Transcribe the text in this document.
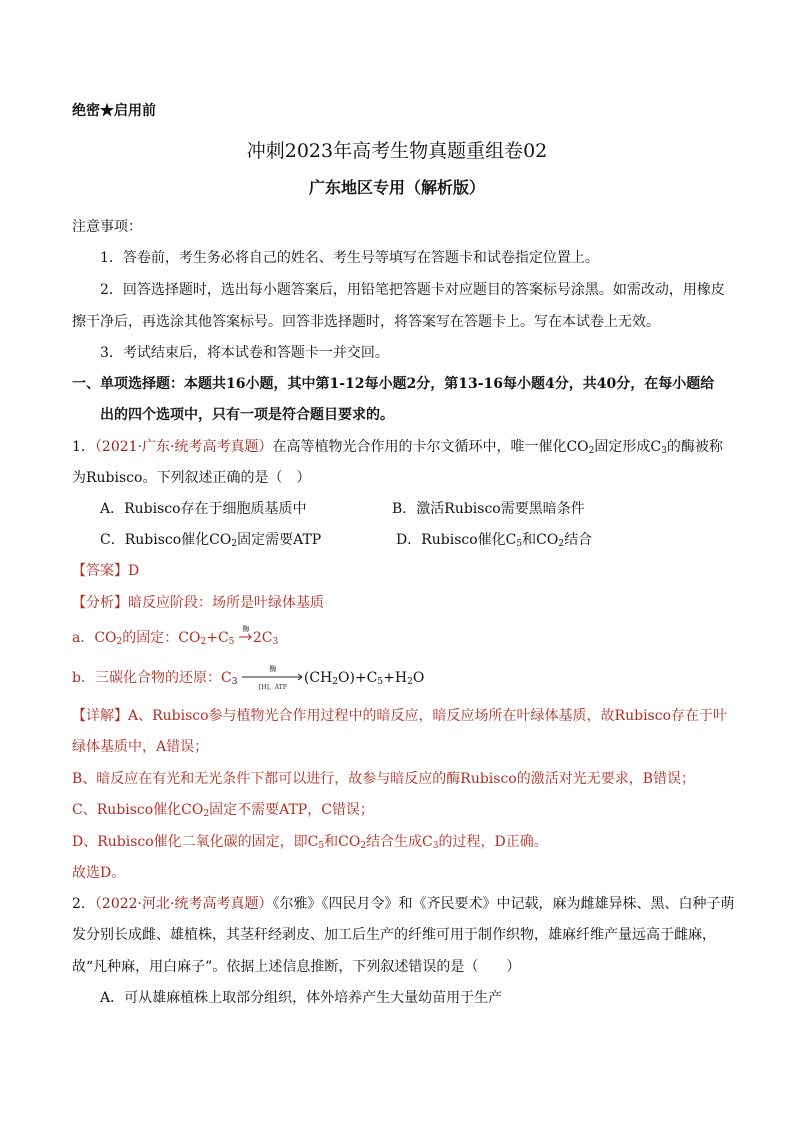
绝密★启用前
冲刺2023年高考生物真题重组卷02
广东地区专用（解析版）
注意事项：
1．答卷前，考生务必将自己的姓名、考生号等填写在答题卡和试卷指定位置上。
2．回答选择题时，选出每小题答案后，用铅笔把答题卡对应题目的答案标号涂黑。如需改动，用橡皮
擦干净后，再选涂其他答案标号。回答非选择题时，将答案写在答题卡上。写在本试卷上无效。
3．考试结束后，将本试卷和答题卡一并交回。
一、单项选择题：本题共16小题，其中第1-12每小题2分，第13-16每小题4分，共40分，在每小题给
出的四个选项中，只有一项是符合题目要求的。
1．（2021·广东·统考高考真题）在高等植物光合作用的卡尔文循环中，唯一催化$CO_2$固定形成$C_3$的酶被称
为Rubisco。下列叙述正确的是（　）
A．Rubisco存在于细胞质基质中	B．激活Rubisco需要黑暗条件
C．Rubisco催化$CO_2$固定需要ATP	D．Rubisco催化$C_5$和$CO_2$结合
【答案】D
【分析】暗反应阶段：场所是叶绿体基质
a．$CO_2$的固定：$CO_2+C_5$
酶
$2C_3$
b．三碳化合物的还原：$C_3$
酶
[H]、ATP
$(CH_2O)+C_5+H_2O$
【详解】A、Rubisco参与植物光合作用过程中的暗反应，暗反应场所在叶绿体基质，故Rubisco存在于叶
绿体基质中，A错误；
B、暗反应在有光和无光条件下都可以进行，故参与暗反应的酶Rubisco的激活对光无要求，B错误；
C、Rubisco催化$CO_2$固定不需要ATP，C错误；
D、Rubisco催化二氧化碳的固定，即$C_5$和$CO_2$结合生成$C_3$的过程，D正确。
故选D。
2．（2022·河北·统考高考真题）《尔雅》《四民月令》和《齐民要术》中记载，麻为雌雄异株、黑、白种子萌
发分别长成雌、雄植株，其茎秆经剥皮、加工后生产的纤维可用于制作织物，雄麻纤维产量远高于雌麻，
故“凡种麻，用白麻子”。依据上述信息推断，下列叙述错误的是（　　）
A．可从雄麻植株上取部分组织，体外培养产生大量幼苗用于生产
